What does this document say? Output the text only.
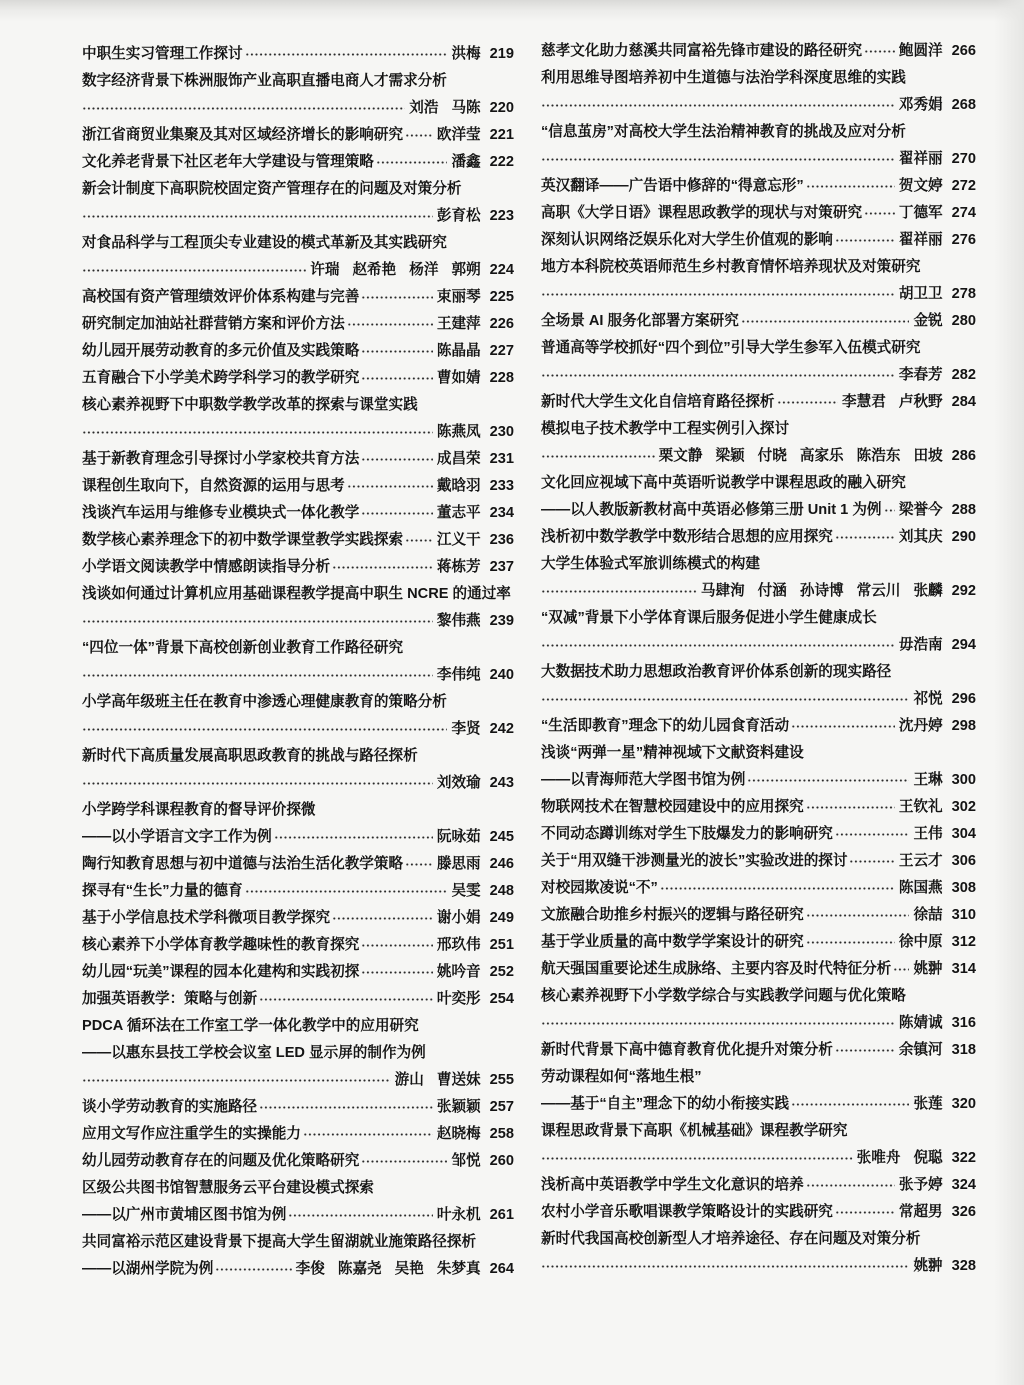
中职生实习管理工作探讨	洪梅 219
数字经济背景下株洲服饰产业高职直播电商人才需求分析
刘浩 马陈 220
浙江省商贸业集聚及其对区域经济增长的影响研究 欧洋莹 221
文化养老背景下社区老年大学建设与管理策略	潘鑫 222
新会计制度下高职院校固定资产管理存在的问题及对策分析
彭育松 223
对食品科学与工程顶尖专业建设的模式革新及其实践研究
许瑞 赵希艳 杨洋 郭朔 224
高校国有资产管理绩效评价体系构建与完善	束丽琴 225
研究制定加油站社群营销方案和评价方法	王建萍 226
幼儿园开展劳动教育的多元价值及实践策略	陈晶晶 227
五育融合下小学美术跨学科学习的教学研究	曹如婧 228
核心素养视野下中职数学教学改革的探索与课堂实践
陈燕凤 230
基于新教育理念引导探讨小学家校共育方法	成昌荣 231
课程创生取向下，自然资源的运用与思考	戴晗羽 233
浅谈汽车运用与维修专业模块式一体化教学	董志平 234
数学核心素养理念下的初中数学课堂教学实践探索 江义干 236
小学语文阅读教学中情感朗读指导分析	蒋栋芳 237
浅谈如何通过计算机应用基础课程教学提高中职生 NCRE 的通过率
黎伟燕 239
“四位一体”背景下高校创新创业教育工作路径研究
李伟纯 240
小学高年级班主任在教育中渗透心理健康教育的策略分析
李贤 242
新时代下高质量发展高职思政教育的挑战与路径探析
刘效瑜 243
小学跨学科课程教育的督导评价探微
——以小学语言文字工作为例	阮咏茹 245
陶行知教育思想与初中道德与法治生活化教学策略 滕思雨 246
探寻有“生长”力量的德育	吴雯 248
基于小学信息技术学科微项目教学探究	谢小娟 249
核心素养下小学体育教学趣味性的教育探究	邢玖伟 251
幼儿园“玩美”课程的园本化建构和实践初探	姚吟音 252
加强英语教学：策略与创新	叶奕彤 254
PDCA 循环法在工作室工学一体化教学中的应用研究
——以惠东县技工学校会议室 LED 显示屏的制作为例
游山 曹送妹 255
谈小学劳动教育的实施路径	张颖颖 257
应用文写作应注重学生的实操能力	赵晓梅 258
幼儿园劳动教育存在的问题及优化策略研究	邹悦 260
区级公共图书馆智慧服务云平台建设模式探索
——以广州市黄埔区图书馆为例	叶永机 261
共同富裕示范区建设背景下提高大学生留湖就业施策路径探析
——以湖州学院为例	李俊 陈嘉尧 吴艳 朱梦真 264
慈孝文化助力慈溪共同富裕先锋市建设的路径研究	鲍圆洋 266
利用思维导图培养初中生道德与法治学科深度思维的实践
邓秀娟 268
“信息茧房”对高校大学生法治精神教育的挑战及应对分析
翟祥丽 270
英汉翻译——广告语中修辞的“得意忘形”	贺文婷 272
高职《大学日语》课程思政教学的现状与对策研究	丁德军 274
深刻认识网络泛娱乐化对大学生价值观的影响	翟祥丽 276
地方本科院校英语师范生乡村教育情怀培养现状及对策研究
胡卫卫 278
全场景 AI 服务化部署方案研究	金锐 280
普通高等学校抓好“四个到位”引导大学生参军入伍模式研究
李春芳 282
新时代大学生文化自信培育路径探析	李慧君 卢秋野 284
模拟电子技术教学中工程实例引入探讨
栗文静 梁颖 付晓 高家乐 陈浩东 田坡 286
文化回应视域下高中英语听说教学中课程思政的融入研究
——以人教版新教材高中英语必修第三册 Unit 1 为例 梁誉今 288
浅析初中数学教学中数形结合思想的应用探究	刘其庆 290
大学生体验式军旅训练模式的构建
马肆洵 付涵 孙诗博 常云川 张麟 292
“双减”背景下小学体育课后服务促进小学生健康成长
毋浩南 294
大数据技术助力思想政治教育评价体系创新的现实路径
祁悦 296
“生活即教育”理念下的幼儿园食育活动	沈丹婷 298
浅谈“两弹一星”精神视域下文献资料建设
——以青海师范大学图书馆为例	王琳 300
物联网技术在智慧校园建设中的应用探究	王钦礼 302
不同动态蹲训练对学生下肢爆发力的影响研究	王伟 304
关于“用双缝干涉测量光的波长”实验改进的探讨	王云才 306
对校园欺凌说“不”	陈国燕 308
文旅融合助推乡村振兴的逻辑与路径研究	徐喆 310
基于学业质量的高中数学学案设计的研究	徐中原 312
航天强国重要论述生成脉络、主要内容及时代特征分析 姚翀 314
核心素养视野下小学数学综合与实践教学问题与优化策略
陈婧诚 316
新时代背景下高中德育教育优化提升对策分析	余镇河 318
劳动课程如何“落地生根”
——基于“自主”理念下的幼小衔接实践	张莲 320
课程思政背景下高职《机械基础》课程教学研究
张唯舟 倪聪 322
浅析高中英语教学中学生文化意识的培养	张予婷 324
农村小学音乐歌唱课教学策略设计的实践研究	常超男 326
新时代我国高校创新型人才培养途径、存在问题及对策分析
姚翀 328
